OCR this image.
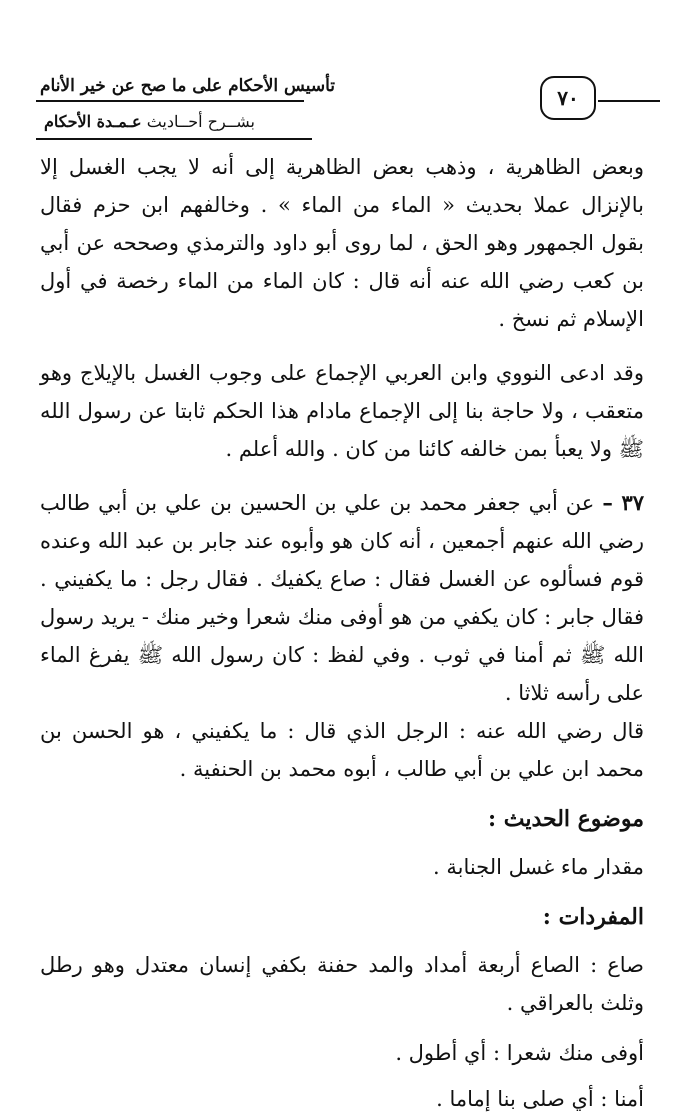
تأسيس الأحكام على ما صح عن خير الأنام
بشــرح أحــاديث عـمـدة الأحكام
٧٠

وبعض الظاهرية ، وذهب بعض الظاهرية إلى أنه لا يجب الغسل إلا بالإنزال عملا بحديث « الماء من الماء » . وخالفهم ابن حزم فقال بقول الجمهور وهو الحق ، لما روى أبو داود والترمذي وصححه عن أبي بن كعب رضي الله عنه أنه قال : كان الماء من الماء رخصة في أول الإسلام ثم نسخ .

وقد ادعى النووي وابن العربي الإجماع على وجوب الغسل بالإيلاج وهو متعقب ، ولا حاجة بنا إلى الإجماع مادام هذا الحكم ثابتا عن رسول الله ﷺ ولا يعبأ بمن خالفه كائنا من كان . والله أعلم .

٣٧ – عن أبي جعفر محمد بن علي بن الحسين بن علي بن أبي طالب رضي الله عنهم أجمعين ، أنه كان هو وأبوه عند جابر بن عبد الله وعنده قوم فسألوه عن الغسل فقال : صاع يكفيك . فقال رجل : ما يكفيني . فقال جابر : كان يكفي من هو أوفى منك شعرا وخير منك - يريد رسول الله ﷺ ثم أمنا في ثوب . وفي لفظ : كان رسول الله ﷺ يفرغ الماء على رأسه ثلاثا .

قال رضي الله عنه : الرجل الذي قال : ما يكفيني ، هو الحسن بن محمد ابن علي بن أبي طالب ، أبوه محمد بن الحنفية .

موضوع الحديث :

مقدار ماء غسل الجنابة .

المفردات :

صاع : الصاع أربعة أمداد والمد حفنة بكفي إنسان معتدل وهو رطل وثلث بالعراقي .

أوفى منك شعرا : أي أطول .

أمنا : أي صلى بنا إماما .
